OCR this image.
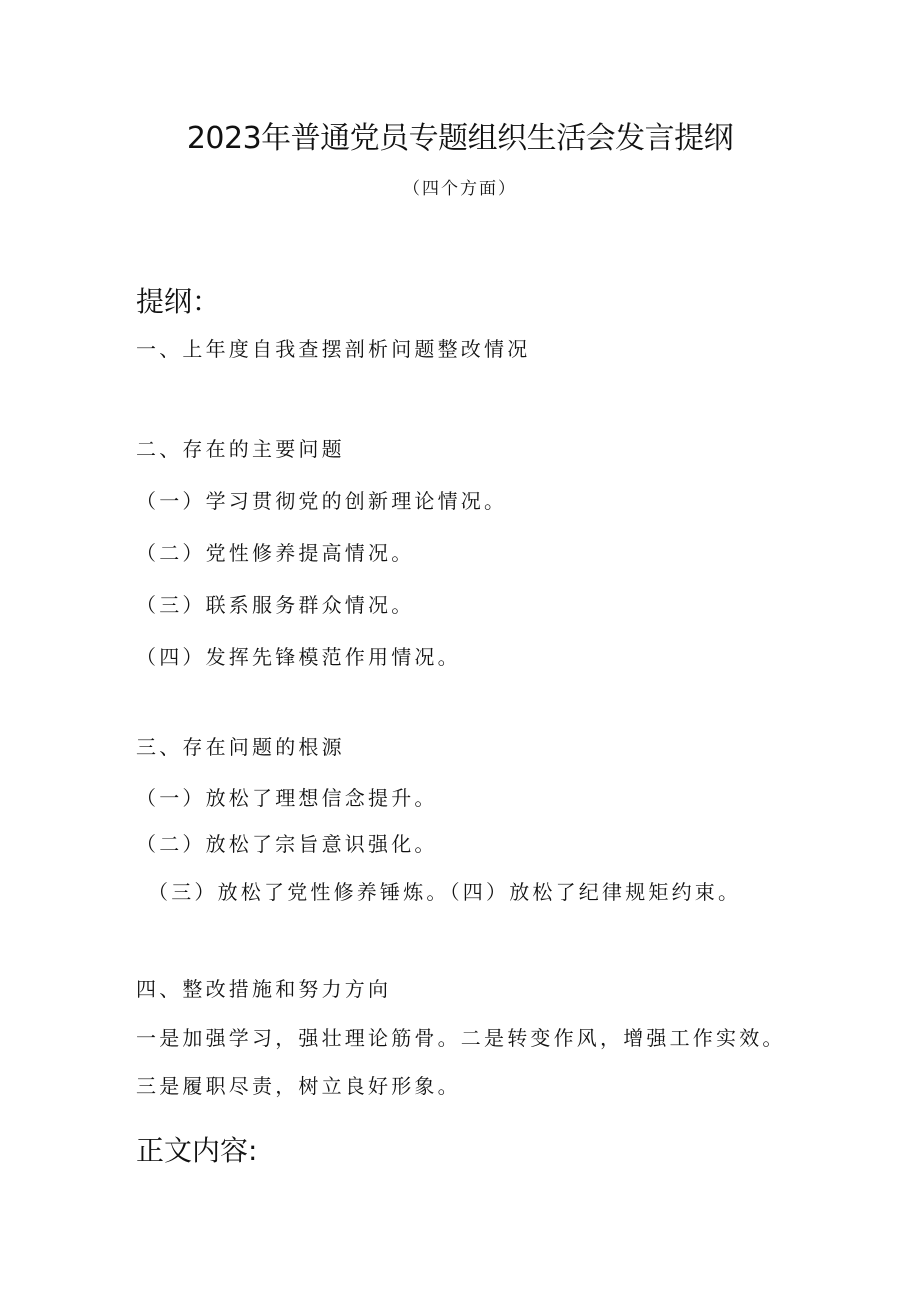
2023年普通党员专题组织生活会发言提纲

（四个方面）

提纲：

一、上年度自我查摆剖析问题整改情况

二、存在的主要问题

（一）学习贯彻党的创新理论情况。

（二）党性修养提高情况。

（三）联系服务群众情况。

（四）发挥先锋模范作用情况。

三、存在问题的根源

（一）放松了理想信念提升。

（二）放松了宗旨意识强化。

（三）放松了党性修养锤炼。（四）放松了纪律规矩约束。

四、整改措施和努力方向

一是加强学习，强壮理论筋骨。二是转变作风，增强工作实效。

三是履职尽责，树立良好形象。

正文内容:
